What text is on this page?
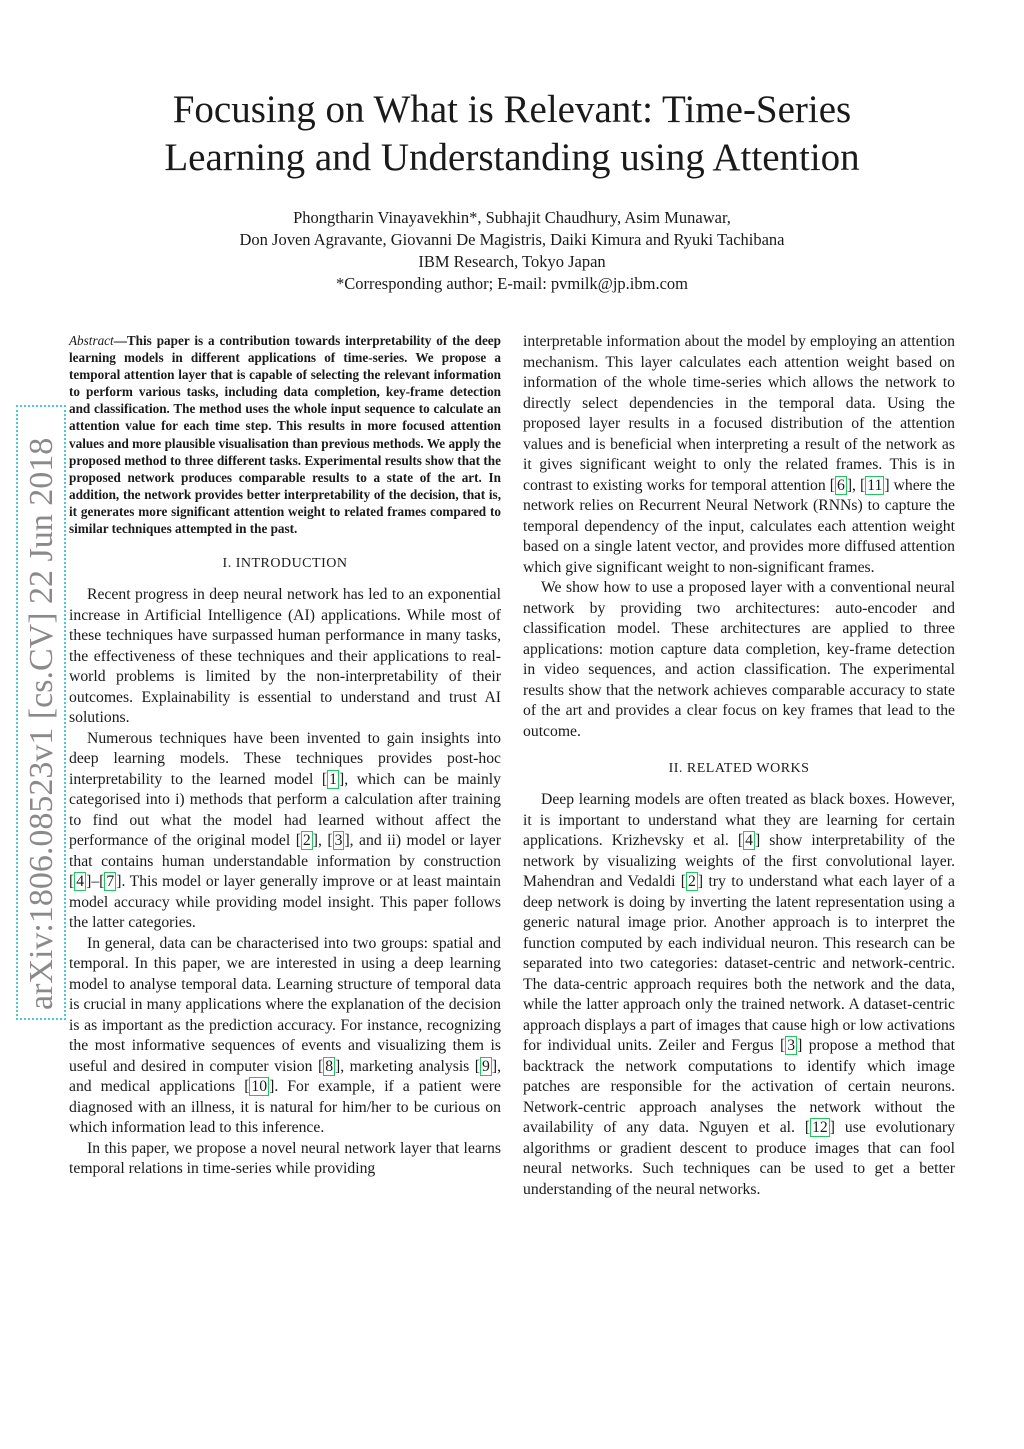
Focusing on What is Relevant: Time-Series
Learning and Understanding using Attention
Phongtharin Vinayavekhin*, Subhajit Chaudhury, Asim Munawar,
Don Joven Agravante, Giovanni De Magistris, Daiki Kimura and Ryuki Tachibana
IBM Research, Tokyo Japan
*Corresponding author; E-mail: pvmilk@jp.ibm.com
arXiv:1806.08523v1 [cs.CV] 22 Jun 2018

Abstract—This paper is a contribution towards interpretability of the deep learning models in different applications of time-series. We propose a temporal attention layer that is capable of selecting the relevant information to perform various tasks, including data completion, key-frame detection and classification. The method uses the whole input sequence to calculate an attention value for each time step. This results in more focused attention values and more plausible visualisation than previous methods. We apply the proposed method to three different tasks. Experimental results show that the proposed network produces comparable results to a state of the art. In addition, the network provides better interpretability of the decision, that is, it generates more significant attention weight to related frames compared to similar techniques attempted in the past.

I. INTRODUCTION

Recent progress in deep neural network has led to an exponential increase in Artificial Intelligence (AI) applications. While most of these techniques have surpassed human performance in many tasks, the effectiveness of these techniques and their applications to real-world problems is limited by the non-interpretability of their outcomes. Explainability is essential to understand and trust AI solutions.

Numerous techniques have been invented to gain insights into deep learning models. These techniques provides post-hoc interpretability to the learned model [ 1 ], which can be mainly categorised into i) methods that perform a calculation after training to find out what the model had learned without affect the performance of the original model [ 2 ], [ 3 ], and ii) model or layer that contains human understandable information by construction [ 4 ]–[ 7 ]. This model or layer generally improve or at least maintain model accuracy while providing model insight. This paper follows the latter categories.

In general, data can be characterised into two groups: spatial and temporal. In this paper, we are interested in using a deep learning model to analyse temporal data. Learning structure of temporal data is crucial in many applications where the explanation of the decision is as important as the prediction accuracy. For instance, recognizing the most informative sequences of events and visualizing them is useful and desired in computer vision [ 8 ], marketing analysis [ 9 ], and medical applications [ 10 ]. For example, if a patient were diagnosed with an illness, it is natural for him/her to be curious on which information lead to this inference.

In this paper, we propose a novel neural network layer that learns temporal relations in time-series while providing

interpretable information about the model by employing an attention mechanism. This layer calculates each attention weight based on information of the whole time-series which allows the network to directly select dependencies in the temporal data. Using the proposed layer results in a focused distribution of the attention values and is beneficial when interpreting a result of the network as it gives significant weight to only the related frames. This is in contrast to existing works for temporal attention [ 6 ], [ 11 ] where the network relies on Recurrent Neural Network (RNNs) to capture the temporal dependency of the input, calculates each attention weight based on a single latent vector, and provides more diffused attention which give significant weight to non-significant frames.

We show how to use a proposed layer with a conventional neural network by providing two architectures: auto-encoder and classification model. These architectures are applied to three applications: motion capture data completion, key-frame detection in video sequences, and action classification. The experimental results show that the network achieves comparable accuracy to state of the art and provides a clear focus on key frames that lead to the outcome.

II. RELATED WORKS

Deep learning models are often treated as black boxes. However, it is important to understand what they are learning for certain applications. Krizhevsky et al. [ 4 ] show interpretability of the network by visualizing weights of the first convolutional layer. Mahendran and Vedaldi [ 2 ] try to understand what each layer of a deep network is doing by inverting the latent representation using a generic natural image prior. Another approach is to interpret the function computed by each individual neuron. This research can be separated into two categories: dataset-centric and network-centric. The data-centric approach requires both the network and the data, while the latter approach only the trained network. A dataset-centric approach displays a part of images that cause high or low activations for individual units. Zeiler and Fergus [ 3 ] propose a method that backtrack the network computations to identify which image patches are responsible for the activation of certain neurons. Network-centric approach analyses the network without the availability of any data. Nguyen et al. [ 12 ] use evolutionary algorithms or gradient descent to produce images that can fool neural networks. Such techniques can be used to get a better understanding of the neural networks.
